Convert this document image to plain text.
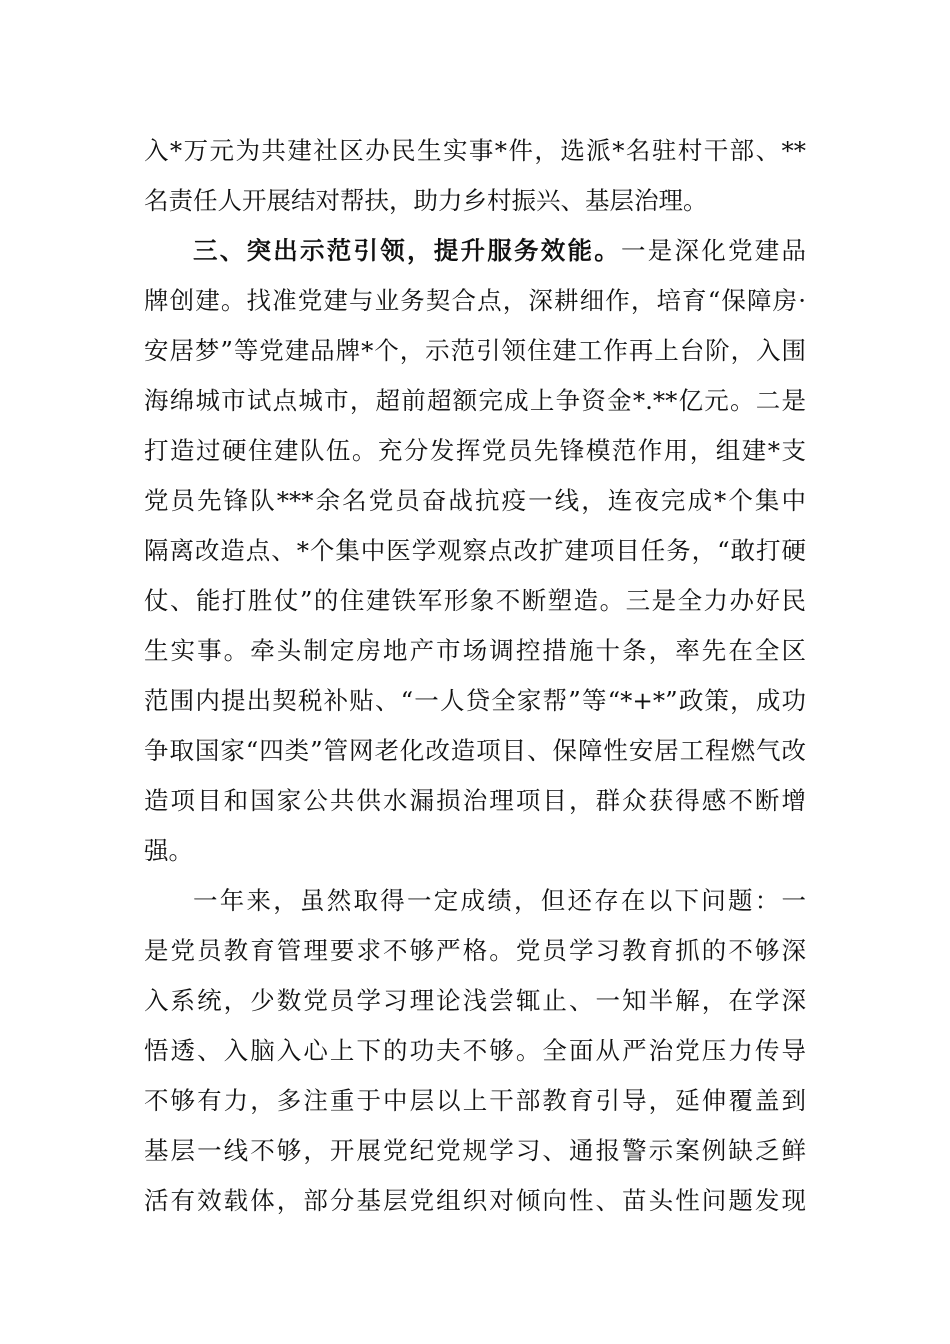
入*万元为共建社区办民生实事*件，选派*名驻村干部、**
名责任人开展结对帮扶，助力乡村振兴、基层治理。
三、突出示范引领，提升服务效能。一是深化党建品
牌创建。找准党建与业务契合点，深耕细作，培育“保障房·
安居梦”等党建品牌*个，示范引领住建工作再上台阶，入围
海绵城市试点城市，超前超额完成上争资金*.**亿元。二是
打造过硬住建队伍。充分发挥党员先锋模范作用，组建*支
党员先锋队***余名党员奋战抗疫一线，连夜完成*个集中
隔离改造点、*个集中医学观察点改扩建项目任务，“敢打硬
仗、能打胜仗”的住建铁军形象不断塑造。三是全力办好民
生实事。牵头制定房地产市场调控措施十条，率先在全区
范围内提出契税补贴、“一人贷全家帮”等“*+*”政策，成功
争取国家“四类”管网老化改造项目、保障性安居工程燃气改
造项目和国家公共供水漏损治理项目，群众获得感不断增
强。
一年来，虽然取得一定成绩，但还存在以下问题：一
是党员教育管理要求不够严格。党员学习教育抓的不够深
入系统，少数党员学习理论浅尝辄止、一知半解，在学深
悟透、入脑入心上下的功夫不够。全面从严治党压力传导
不够有力，多注重于中层以上干部教育引导，延伸覆盖到
基层一线不够，开展党纪党规学习、通报警示案例缺乏鲜
活有效载体，部分基层党组织对倾向性、苗头性问题发现
